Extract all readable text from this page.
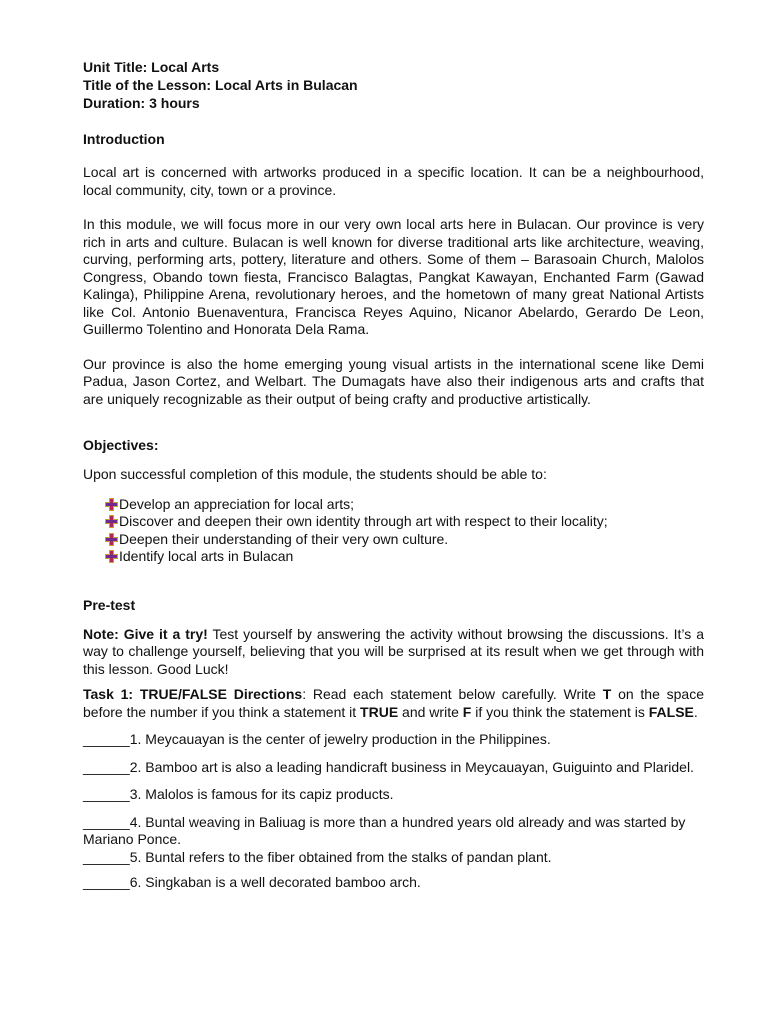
Unit Title: Local Arts
Title of the Lesson: Local Arts in Bulacan
Duration: 3 hours
Introduction

Local art is concerned with artworks produced in a specific location. It can be a neighbourhood, local community, city, town or a province.

In this module, we will focus more in our very own local arts here in Bulacan. Our province is very rich in arts and culture. Bulacan is well known for diverse traditional arts like architecture, weaving, curving, performing arts, pottery, literature and others. Some of them – Barasoain Church, Malolos Congress, Obando town fiesta, Francisco Balagtas, Pangkat Kawayan, Enchanted Farm (Gawad Kalinga), Philippine Arena, revolutionary heroes, and the hometown of many great National Artists like Col. Antonio Buenaventura, Francisca Reyes Aquino, Nicanor Abelardo, Gerardo De Leon, Guillermo Tolentino and Honorata Dela Rama.

Our province is also the home emerging young visual artists in the international scene like Demi Padua, Jason Cortez, and Welbart. The Dumagats have also their indigenous arts and crafts that are uniquely recognizable as their output of being crafty and productive artistically.

Objectives:

Upon successful completion of this module, the students should be able to:

Develop an appreciation for local arts;
Discover and deepen their own identity through art with respect to their locality;
Deepen their understanding of their very own culture.
Identify local arts in Bulacan
Pre-test

Note: Give it a try! Test yourself by answering the activity without browsing the discussions. It’s a way to challenge yourself, believing that you will be surprised at its result when we get through with this lesson. Good Luck!

Task 1: TRUE/FALSE Directions: Read each statement below carefully. Write T on the space before the number if you think a statement it TRUE and write F if you think the statement is FALSE.

______1. Meycauayan is the center of jewelry production in the Philippines.

______2. Bamboo art is also a leading handicraft business in Meycauayan, Guiguinto and Plaridel.

______3. Malolos is famous for its capiz products.

______4. Buntal weaving in Baliuag is more than a hundred years old already and was started by Mariano Ponce.

______5. Buntal refers to the fiber obtained from the stalks of pandan plant.

______6. Singkaban is a well decorated bamboo arch.
